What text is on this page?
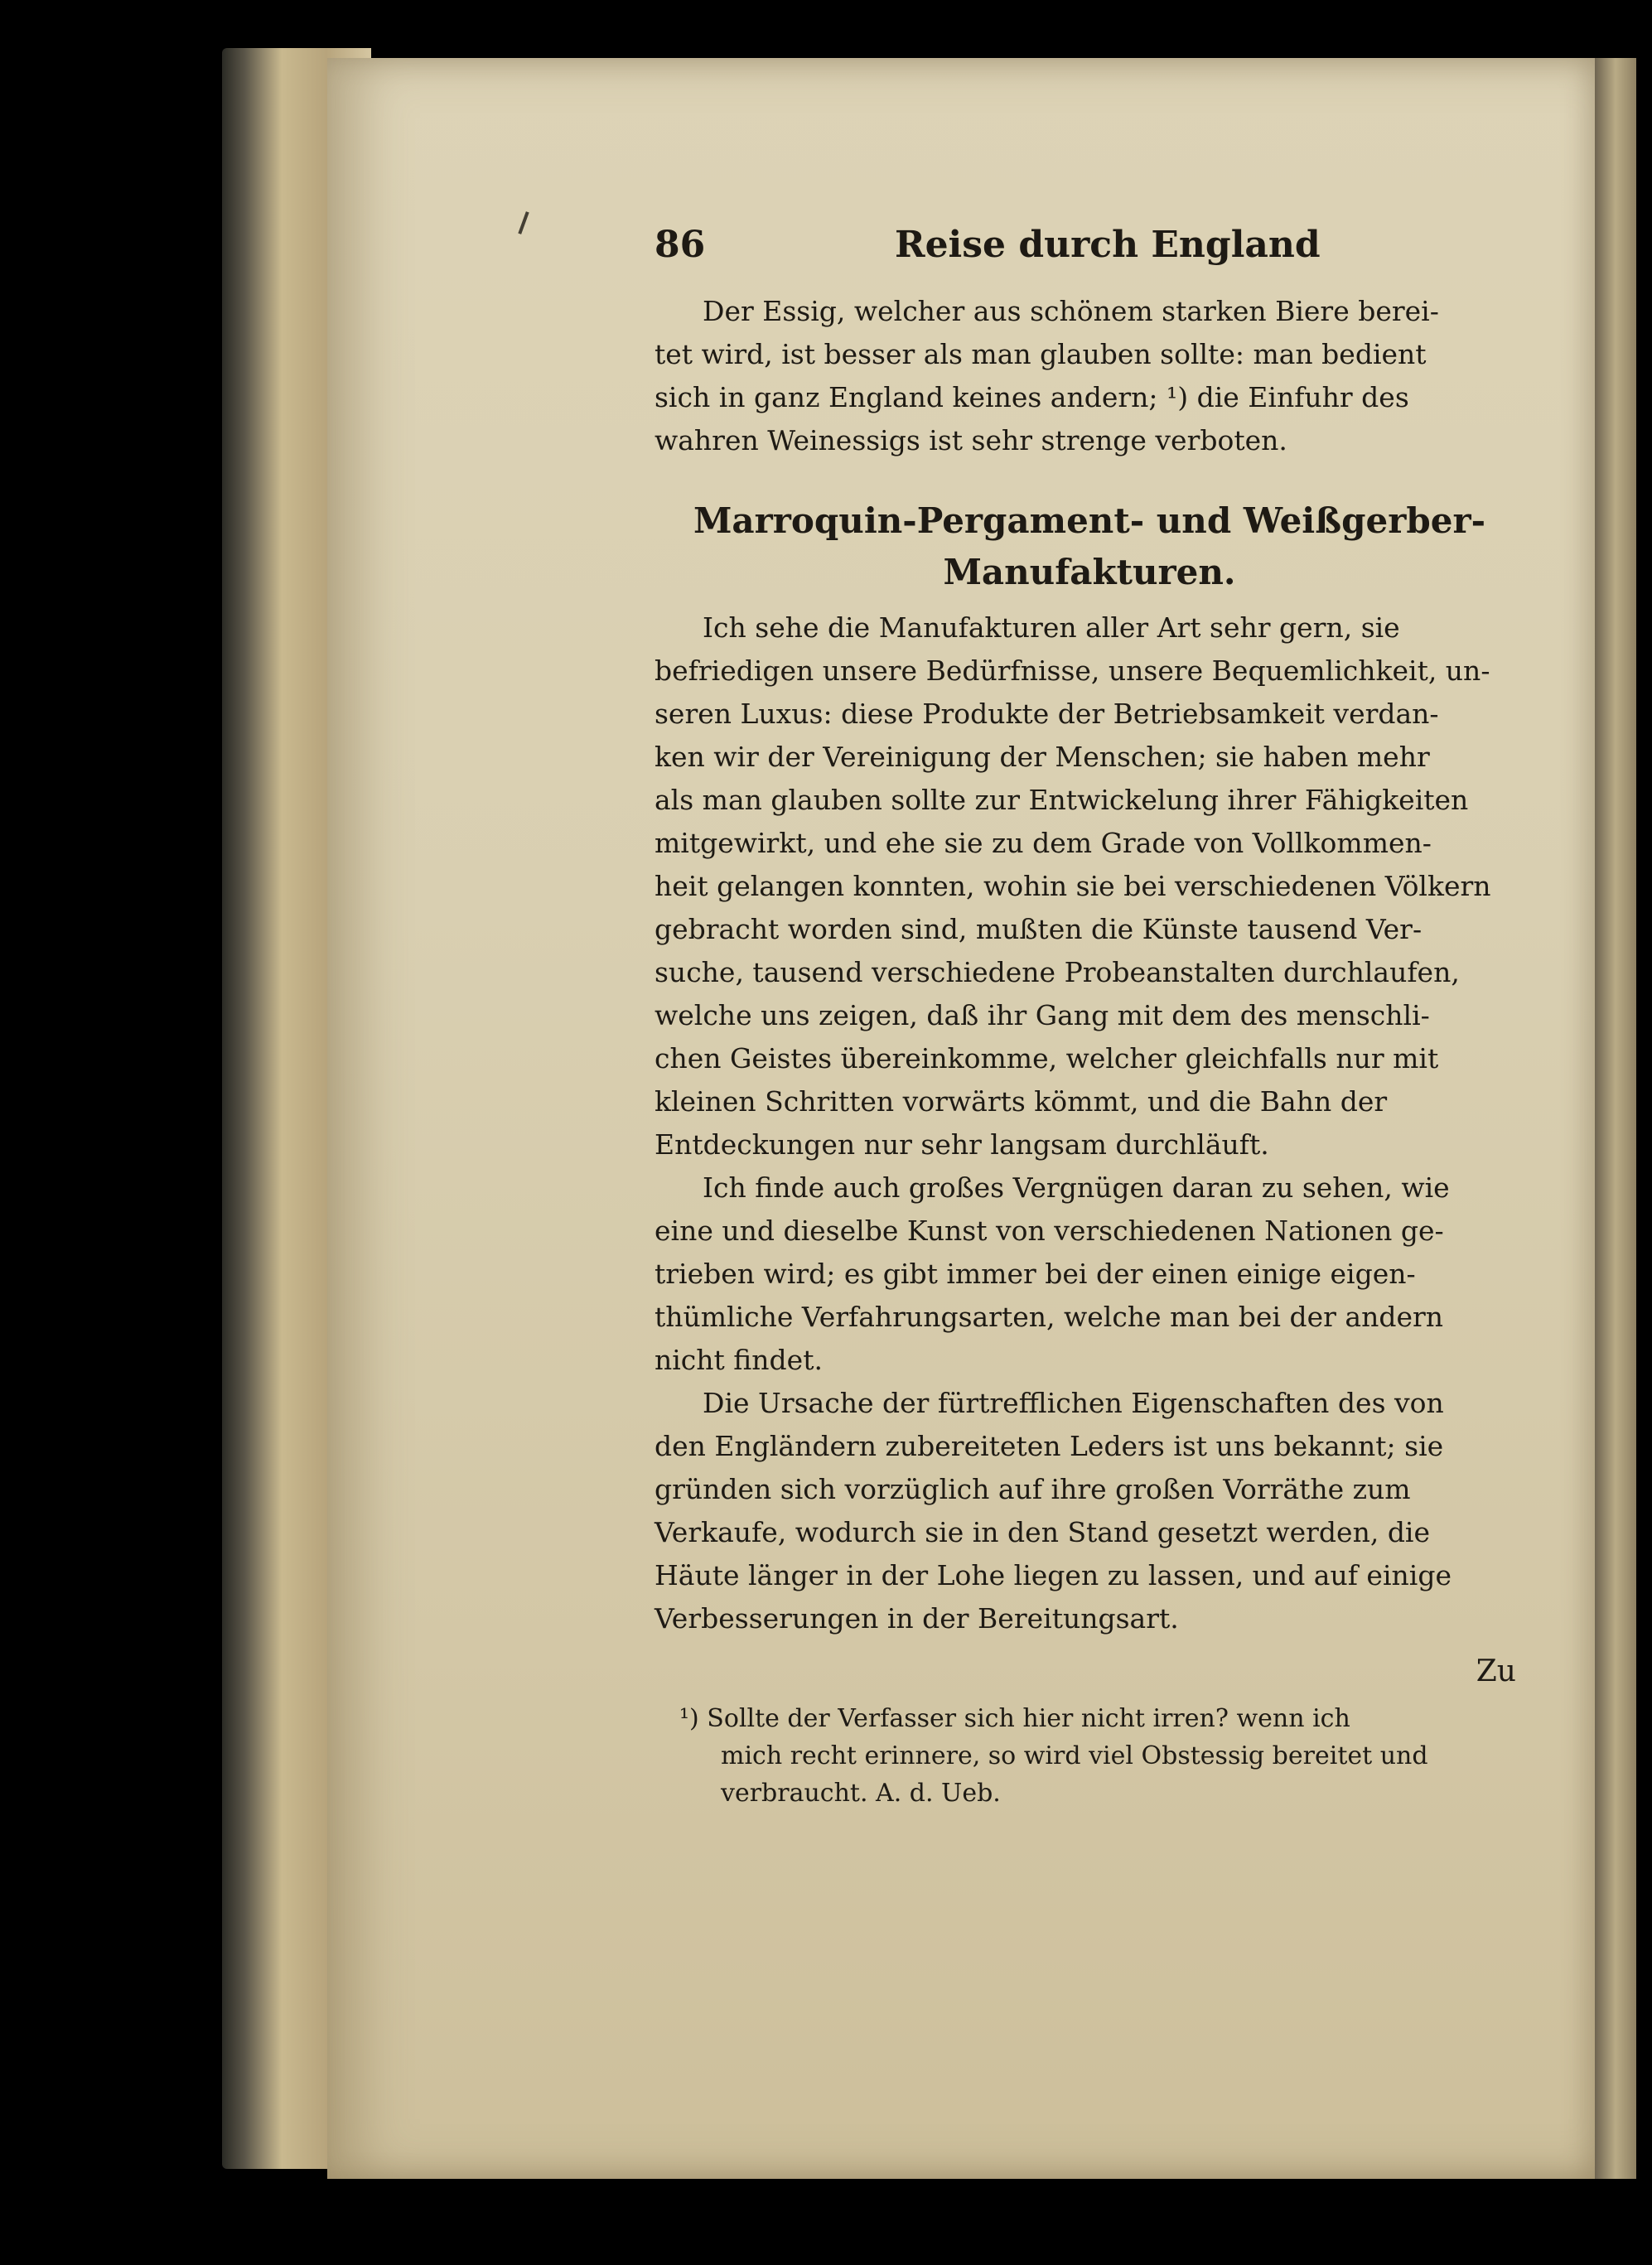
86	Reise durch England
Der Essig, welcher aus schönem starken Biere berei-
tet wird, ist besser als man glauben sollte: man bedient
sich in ganz England keines andern; ¹) die Einfuhr des
wahren Weinessigs ist sehr strenge verboten.
Marroquin-Pergament- und Weißgerber-
Manufakturen.
Ich sehe die Manufakturen aller Art sehr gern, sie
befriedigen unsere Bedürfnisse, unsere Bequemlichkeit, un-
seren Luxus: diese Produkte der Betriebsamkeit verdan-
ken wir der Vereinigung der Menschen; sie haben mehr
als man glauben sollte zur Entwickelung ihrer Fähigkeiten
mitgewirkt, und ehe sie zu dem Grade von Vollkommen-
heit gelangen konnten, wohin sie bei verschiedenen Völkern
gebracht worden sind, mußten die Künste tausend Ver-
suche, tausend verschiedene Probeanstalten durchlaufen,
welche uns zeigen, daß ihr Gang mit dem des menschli-
chen Geistes übereinkomme, welcher gleichfalls nur mit
kleinen Schritten vorwärts kömmt, und die Bahn der
Entdeckungen nur sehr langsam durchläuft.
Ich finde auch großes Vergnügen daran zu sehen, wie
eine und dieselbe Kunst von verschiedenen Nationen ge-
trieben wird; es gibt immer bei der einen einige eigen-
thümliche Verfahrungsarten, welche man bei der andern
nicht findet.
Die Ursache der fürtrefflichen Eigenschaften des von
den Engländern zubereiteten Leders ist uns bekannt; sie
gründen sich vorzüglich auf ihre großen Vorräthe zum
Verkaufe, wodurch sie in den Stand gesetzt werden, die
Häute länger in der Lohe liegen zu lassen, und auf einige
Verbesserungen in der Bereitungsart.
Zu
¹) Sollte der Verfasser sich hier nicht irren? wenn ich
mich recht erinnere, so wird viel Obstessig bereitet und
verbraucht. A. d. Ueb.
